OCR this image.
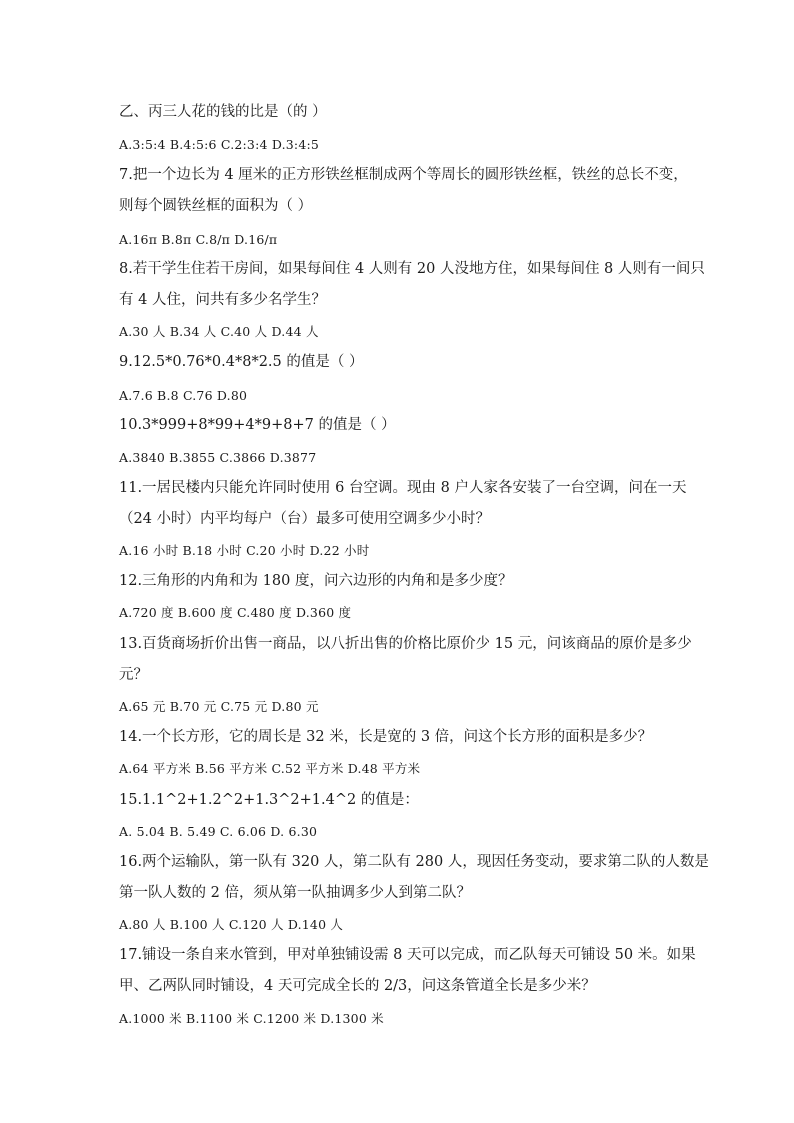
乙、丙三人花的钱的比是（的 ）
A.3:5:4 B.4:5:6 C.2:3:4 D.3:4:5
7.把一个边长为 4 厘米的正方形铁丝框制成两个等周长的圆形铁丝框，铁丝的总长不变，
则每个圆铁丝框的面积为（ ）
A.16π B.8π C.8/π D.16/π
8.若干学生住若干房间，如果每间住 4 人则有 20 人没地方住，如果每间住 8 人则有一间只
有 4 人住，问共有多少名学生？
A.30 人 B.34 人 C.40 人 D.44 人
9.12.5*0.76*0.4*8*2.5 的值是（ ）
A.7.6 B.8 C.76 D.80
10.3*999+8*99+4*9+8+7 的值是（ ）
A.3840 B.3855 C.3866 D.3877
11.一居民楼内只能允许同时使用 6 台空调。现由 8 户人家各安装了一台空调，问在一天
（24 小时）内平均每户（台）最多可使用空调多少小时？
A.16 小时 B.18 小时 C.20 小时 D.22 小时
12.三角形的内角和为 180 度，问六边形的内角和是多少度？
A.720 度 B.600 度 C.480 度 D.360 度
13.百货商场折价出售一商品，以八折出售的价格比原价少 15 元，问该商品的原价是多少
元？
A.65 元 B.70 元 C.75 元 D.80 元
14.一个长方形，它的周长是 32 米，长是宽的 3 倍，问这个长方形的面积是多少？
A.64 平方米 B.56 平方米 C.52 平方米 D.48 平方米
15.1.1^2+1.2^2+1.3^2+1.4^2 的值是：
A. 5.04 B. 5.49 C. 6.06 D. 6.30
16.两个运输队，第一队有 320 人，第二队有 280 人，现因任务变动，要求第二队的人数是
第一队人数的 2 倍，须从第一队抽调多少人到第二队？
A.80 人 B.100 人 C.120 人 D.140 人
17.铺设一条自来水管到，甲对单独铺设需 8 天可以完成，而乙队每天可铺设 50 米。如果
甲、乙两队同时铺设，4 天可完成全长的 2/3，问这条管道全长是多少米？
A.1000 米 B.1100 米 C.1200 米 D.1300 米
